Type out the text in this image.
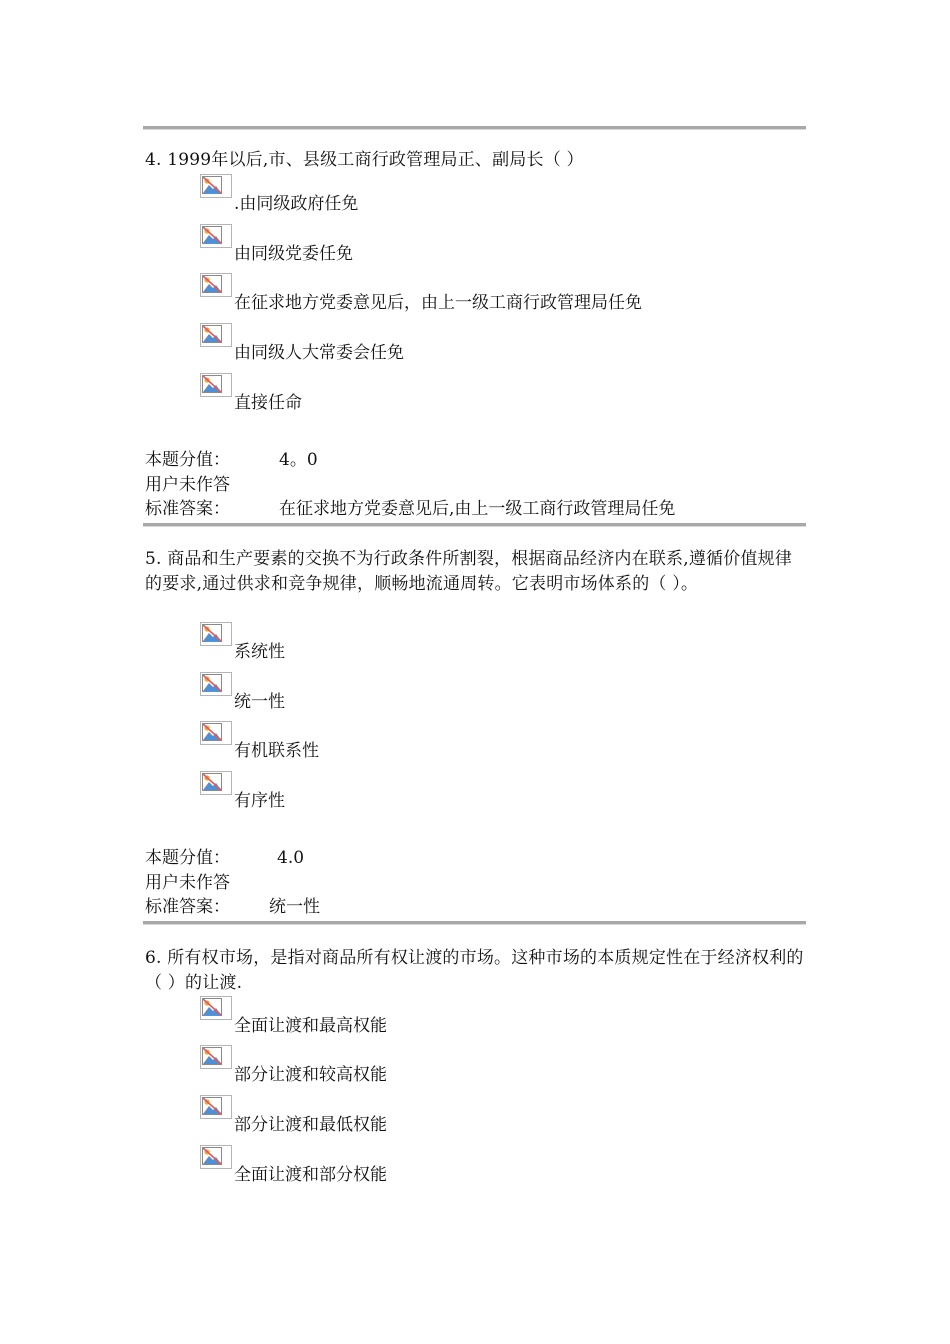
4. 1999年以后,市、县级工商行政管理局正、副局长（ ）
.由同级政府任免
由同级党委任免
在征求地方党委意见后，由上一级工商行政管理局任免
由同级人大常委会任免
直接任命
本题分值：	4。0
用户未作答
标准答案：	在征求地方党委意见后,由上一级工商行政管理局任免
5. 商品和生产要素的交换不为行政条件所割裂，根据商品经济内在联系,遵循价值规律的要求,通过供求和竞争规律，顺畅地流通周转。它表明市场体系的（ ）。
系统性
统一性
有机联系性
有序性
本题分值：	4.0
用户未作答
标准答案： 统一性
6. 所有权市场，是指对商品所有权让渡的市场。这种市场的本质规定性在于经济权利的（ ）的让渡.
全面让渡和最高权能
部分让渡和较高权能
部分让渡和最低权能
全面让渡和部分权能
